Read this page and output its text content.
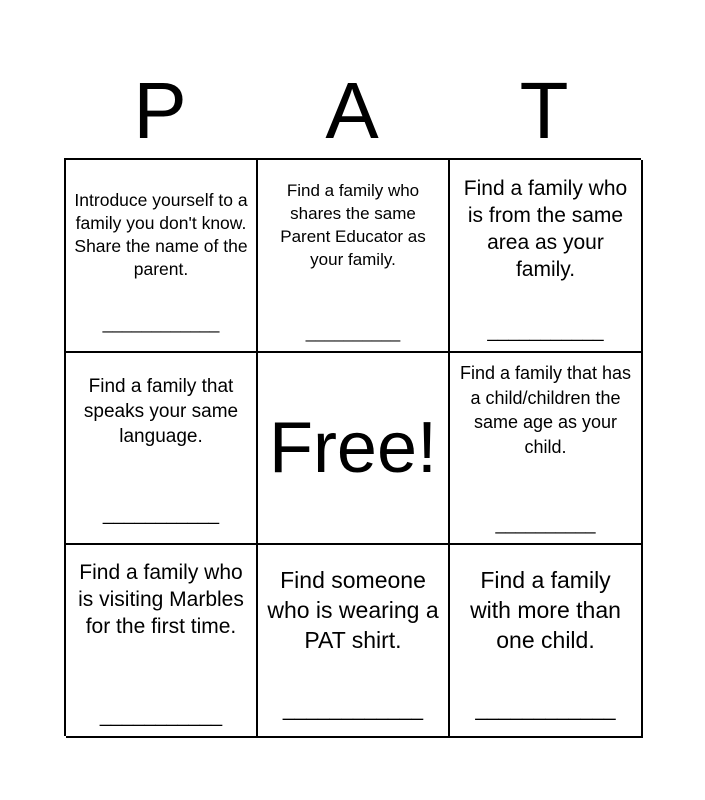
P	A	T
Introduce yourself to a family you don't know. Share the name of the parent.
____________
Find a family who shares the same Parent Educator as your family.
__________
Find a family who is from the same area as your family.
___________
Find a family that speaks your same language.
___________
Free!
Find a family that has a child/children the same age as your child.
__________
Find a family who is visiting Marbles for the first time.
___________
Find someone who is wearing a PAT shirt.
____________
Find a family with more than one child.
____________
